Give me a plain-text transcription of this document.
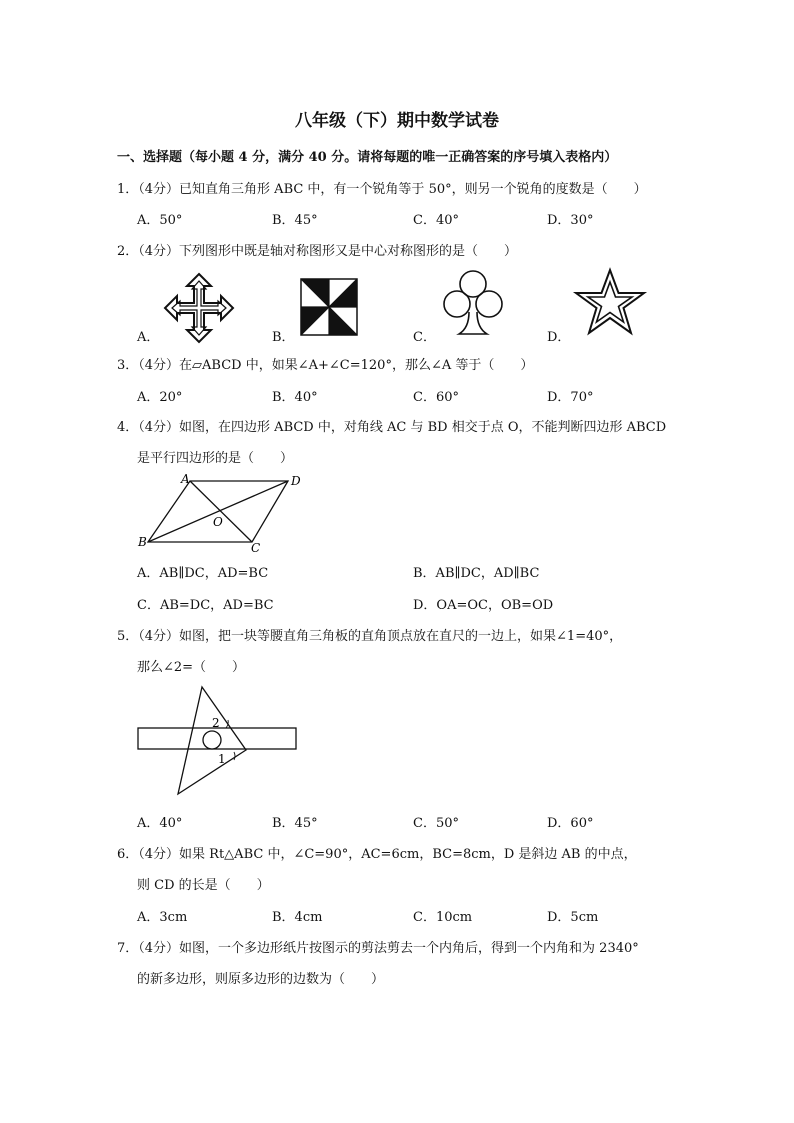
八年级（下）期中数学试卷
一、选择题（每小题 4 分，满分 40 分。请将每题的唯一正确答案的序号填入表格内）
1．（4分）已知直角三角形 ABC 中，有一个锐角等于 50°，则另一个锐角的度数是（　　）
A．50°	B．45°	C．40°	D．30°
2．（4分）下列图形中既是轴对称图形又是中心对称图形的是（　　）
A．	B．	C．	D．
3．（4分）在▱ABCD 中，如果∠A+∠C=120°，那么∠A 等于（　　）
A．20°	B．40°	C．60°	D．70°
4．（4分）如图，在四边形 ABCD 中，对角线 AC 与 BD 相交于点 O，不能判断四边形 ABCD
是平行四边形的是（　　）
A	D
B	C
O
A．AB∥DC，AD=BC	B．AB∥DC，AD∥BC
C．AB=DC，AD=BC	D．OA=OC，OB=OD
5．（4分）如图，把一块等腰直角三角板的直角顶点放在直尺的一边上，如果∠1=40°，
那么∠2=（　　）
2
1
A．40°	B．45°	C．50°	D．60°
6．（4分）如果 Rt△ABC 中，∠C=90°，AC=6cm，BC=8cm，D 是斜边 AB 的中点，
则 CD 的长是（　　）
A．3cm	B．4cm	C．10cm	D．5cm
7．（4分）如图，一个多边形纸片按图示的剪法剪去一个内角后，得到一个内角和为 2340°
的新多边形，则原多边形的边数为（　　）
